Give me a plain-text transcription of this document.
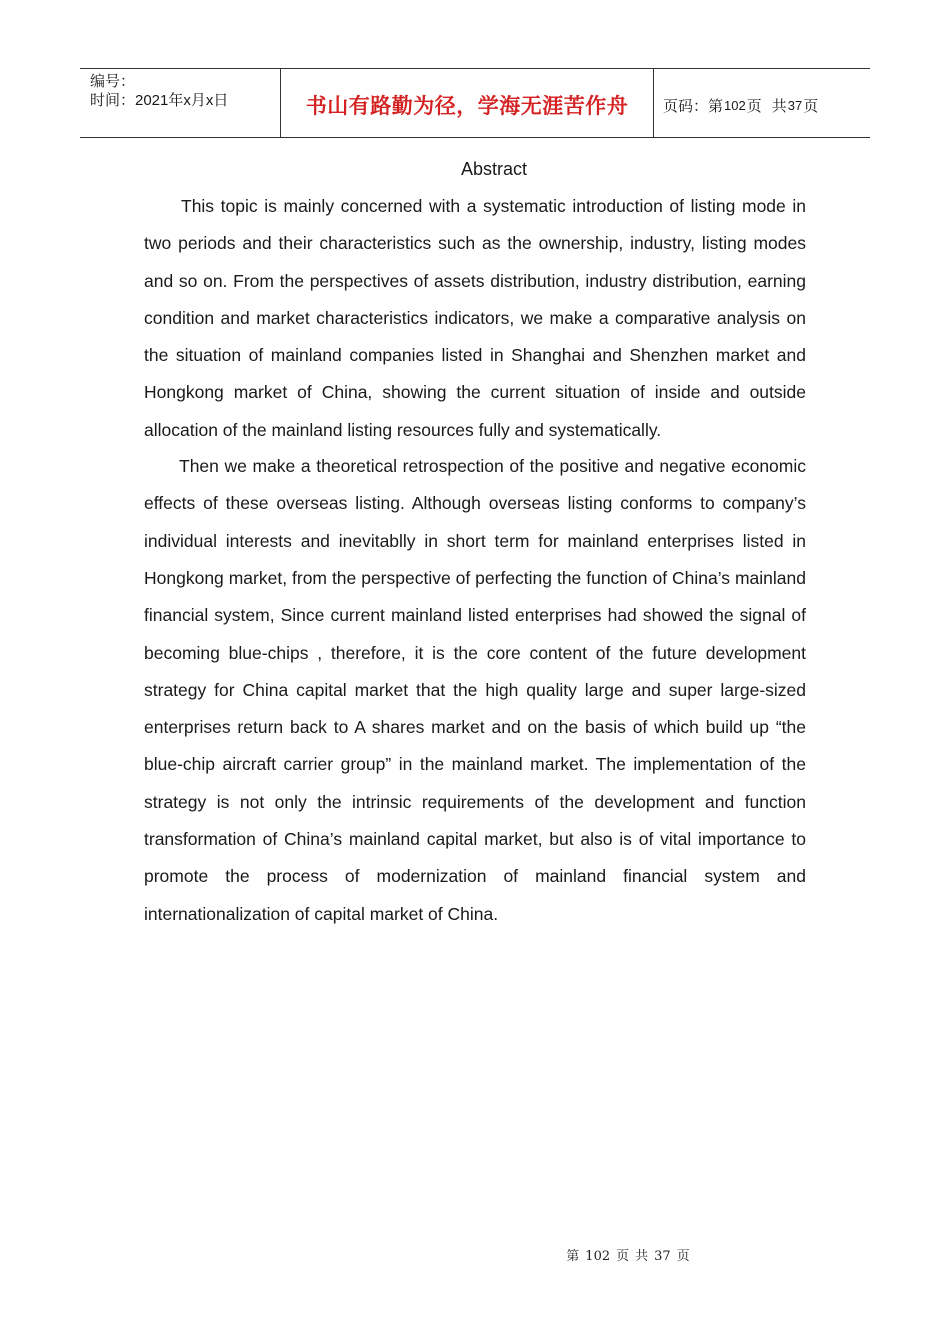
编号：
时间：2021年x月x日	书山有路勤为径，学海无涯苦作舟	页码：第 102 页 共 37 页
Abstract

This topic is mainly concerned with a systematic introduction of listing mode in two periods and their characteristics such as the ownership, industry, listing modes and so on. From the perspectives of assets distribution, industry distribution, earning condition and market characteristics indicators, we make a comparative analysis on the situation of mainland companies listed in Shanghai and Shenzhen market and Hongkong market of China, showing the current situation of inside and outside allocation of the mainland listing resources fully and systematically.

Then we make a theoretical retrospection of the positive and negative economic effects of these overseas listing. Although overseas listing conforms to company’s individual interests and inevitablly in short term for mainland enterprises listed in Hongkong market, from the perspective of perfecting the function of China’s mainland financial system, Since current mainland listed enterprises had showed the signal of becoming blue-chips , therefore, it is the core content of the future development strategy for China capital market that the high quality large and super large-sized enterprises return back to A shares market and on the basis of which build up “the blue-chip aircraft carrier group” in the mainland market. The implementation of the strategy is not only the intrinsic requirements of the development and function transformation of China’s mainland capital market, but also is of vital importance to promote the process of modernization of mainland financial system and internationalization of capital market of China.

第 102 页 共 37 页
